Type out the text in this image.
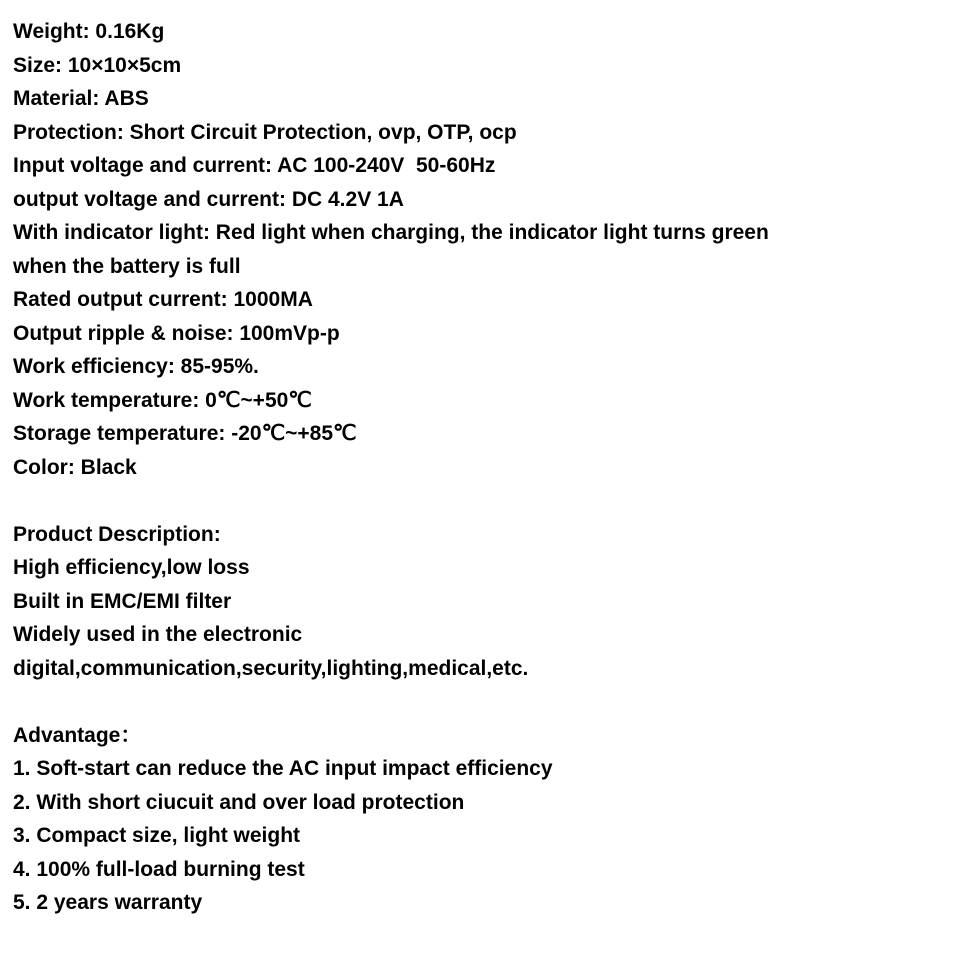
Weight: 0.16Kg

Size: 10×10×5cm

Material: ABS

Protection: Short Circuit Protection, ovp, OTP, ocp

Input voltage and current: AC 100-240V  50-60Hz

output voltage and current: DC 4.2V 1A

With indicator light: Red light when charging, the indicator light turns green

when the battery is full

Rated output current: 1000MA

Output ripple & noise: 100mVp-p

Work efficiency: 85-95%.

Work temperature: 0℃~+50℃

Storage temperature: -20℃~+85℃

Color: Black

Product Description:

High efficiency,low loss

Built in EMC/EMI filter

Widely used in the electronic

digital,communication,security,lighting,medical,etc.

Advantage：

1. Soft-start can reduce the AC input impact efficiency

2. With short ciucuit and over load protection

3. Compact size, light weight

4. 100% full-load burning test

5. 2 years warranty
